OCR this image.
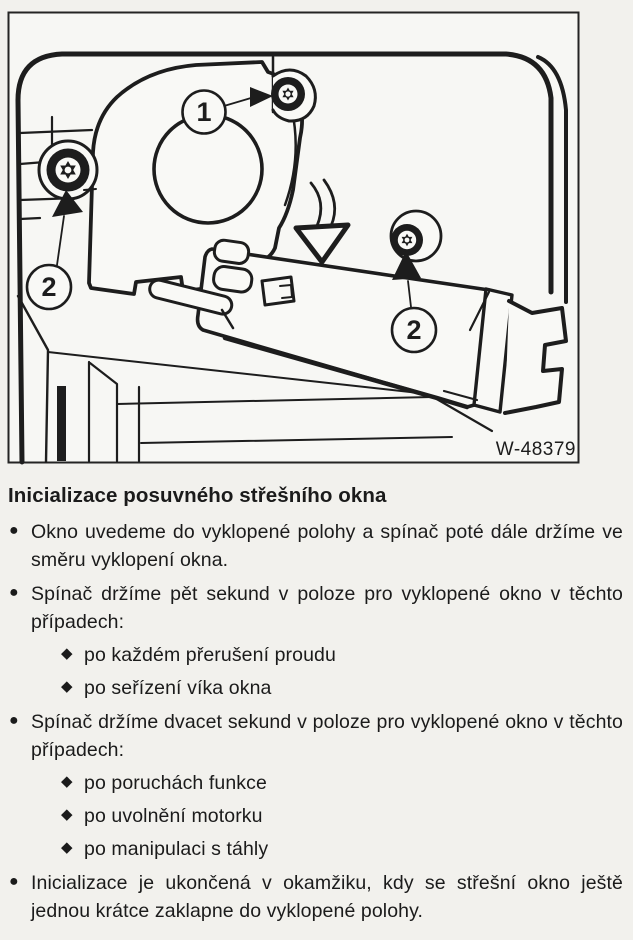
1
2
2
W-48379
Inicializace posuvného střešního okna

● Okno uvedeme do vyklopené polohy a spínač poté dále držíme ve směru vyklopení okna.

● Spínač držíme pět sekund v poloze pro vyklopené okno v těchto případech:

◆ po každém přerušení proudu

◆ po seřízení víka okna

● Spínač držíme dvacet sekund v poloze pro vyklopené okno v těchto případech:

◆ po poruchách funkce

◆ po uvolnění motorku

◆ po manipulaci s táhly

● Inicializace je ukončená v okamžiku, kdy se střešní okno ještě jednou krátce zaklapne do vyklopené polohy.
